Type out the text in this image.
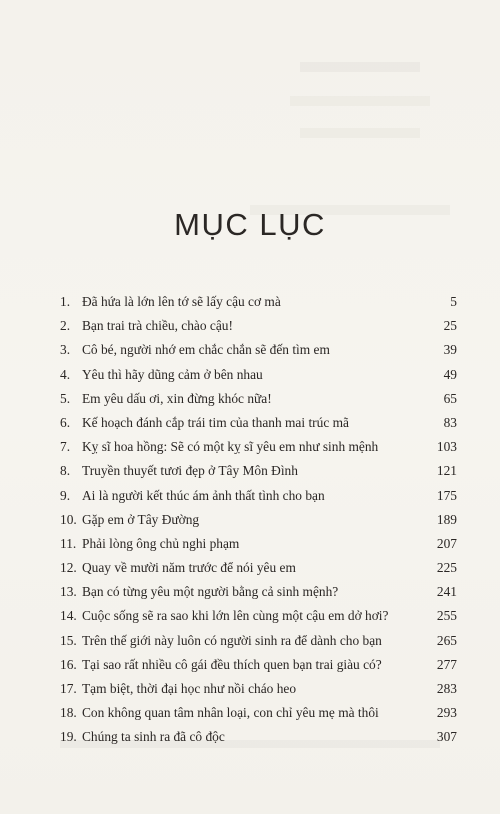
MỤC LỤC
1. Đã hứa là lớn lên tớ sẽ lấy cậu cơ mà	5
2. Bạn trai trà chiều, chào cậu!	25
3. Cô bé, người nhớ em chắc chắn sẽ đến tìm em	39
4. Yêu thì hãy dũng cảm ở bên nhau	49
5. Em yêu dấu ơi, xin đừng khóc nữa!	65
6. Kế hoạch đánh cắp trái tim của thanh mai trúc mã	83
7. Kỵ sĩ hoa hồng: Sẽ có một kỵ sĩ yêu em như sinh mệnh	103
8. Truyền thuyết tươi đẹp ở Tây Môn Đình	121
9. Ai là người kết thúc ám ảnh thất tình cho bạn	175
10. Gặp em ở Tây Đường	189
11. Phải lòng ông chủ nghi phạm	207
12. Quay về mười năm trước để nói yêu em	225
13. Bạn có từng yêu một người bằng cả sinh mệnh?	241
14. Cuộc sống sẽ ra sao khi lớn lên cùng một cậu em dở hơi?	255
15. Trên thế giới này luôn có người sinh ra để dành cho bạn	265
16. Tại sao rất nhiều cô gái đều thích quen bạn trai giàu có?	277
17. Tạm biệt, thời đại học như nồi cháo heo	283
18. Con không quan tâm nhân loại, con chỉ yêu mẹ mà thôi	293
19. Chúng ta sinh ra đã cô độc	307
